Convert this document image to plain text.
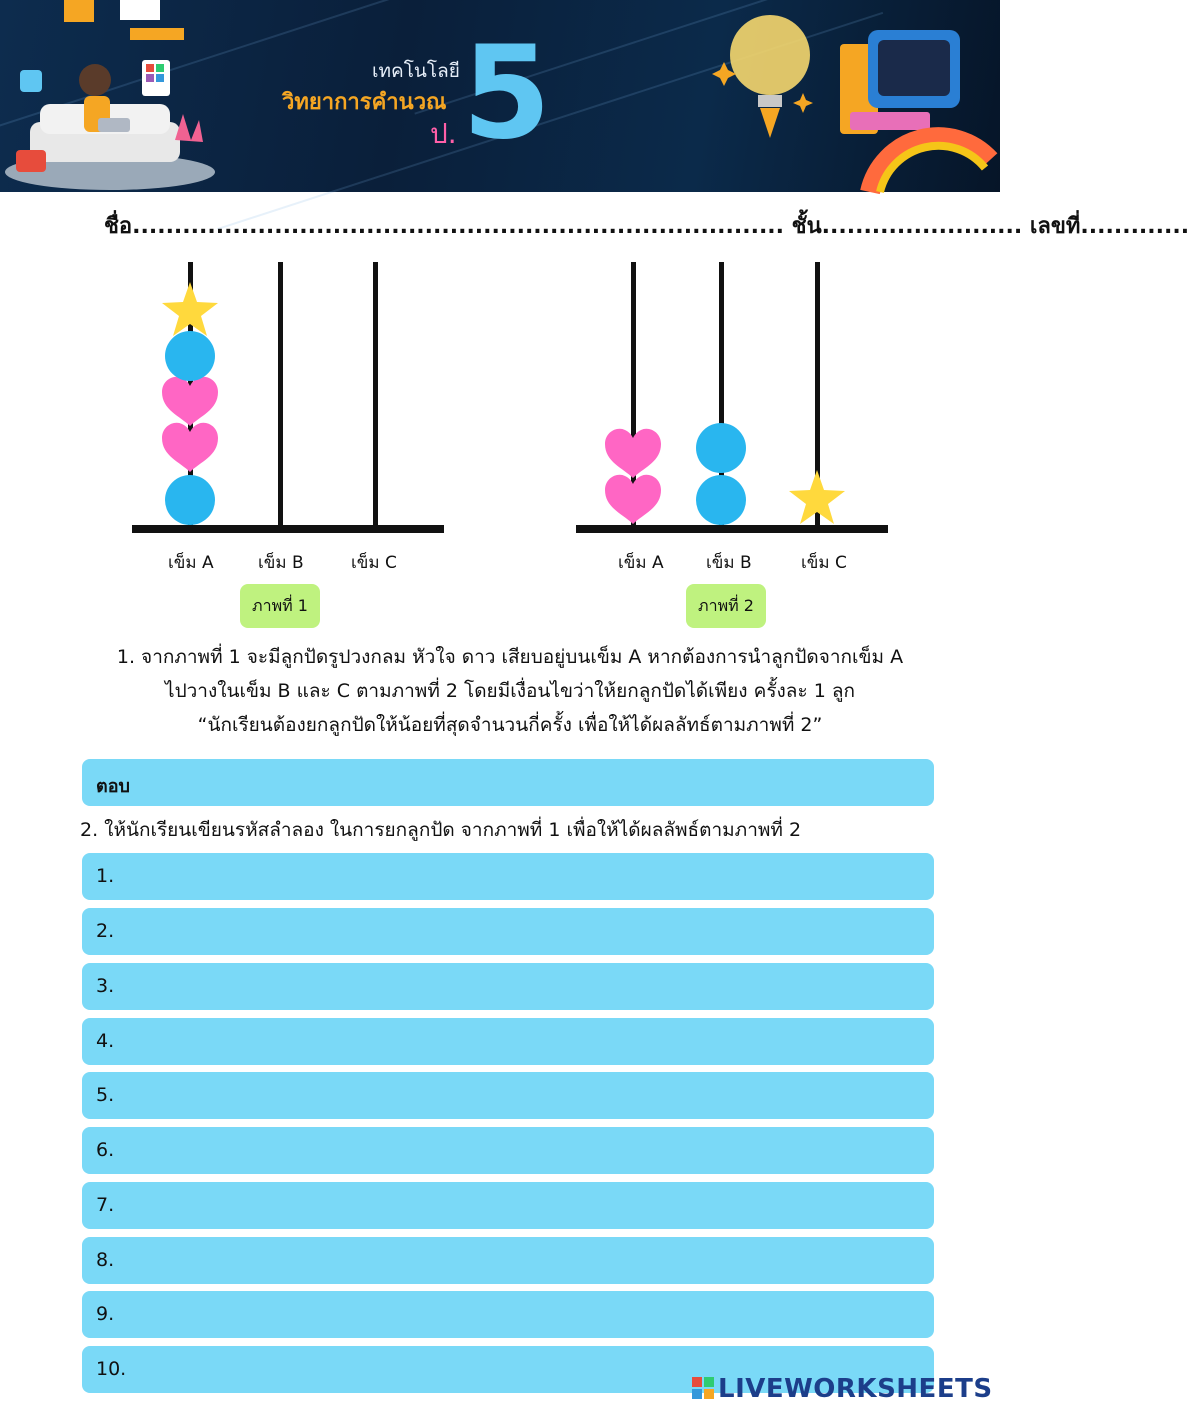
เทคโนโลยี
วิทยาการคำนวณ
ป. 5
ชื่อ.............................................................................. ชั้น........................ เลขที่.............
เข็ม A	เข็ม B	เข็ม C
ภาพที่ 1
เข็ม A เข็ม B	เข็ม C
ภาพที่ 2
1. จากภาพที่ 1 จะมีลูกปัดรูปวงกลม หัวใจ ดาว เสียบอยู่บนเข็ม A หากต้องการนำลูกปัดจากเข็ม A
ไปวางในเข็ม B และ C ตามภาพที่ 2 โดยมีเงื่อนไขว่าให้ยกลูกปัดได้เพียง ครั้งละ 1 ลูก
“นักเรียนต้องยกลูกปัดให้น้อยที่สุดจำนวนกี่ครั้ง เพื่อให้ได้ผลลัทธ์ตามภาพที่ 2”
ตอบ
2. ให้นักเรียนเขียนรหัสลำลอง ในการยกลูกปัด จากภาพที่ 1 เพื่อให้ได้ผลลัพธ์ตามภาพที่ 2
1.
2.
3.
4.
5.
6.
7.
8.
9.
10.
LIVEWORKSHEETS
